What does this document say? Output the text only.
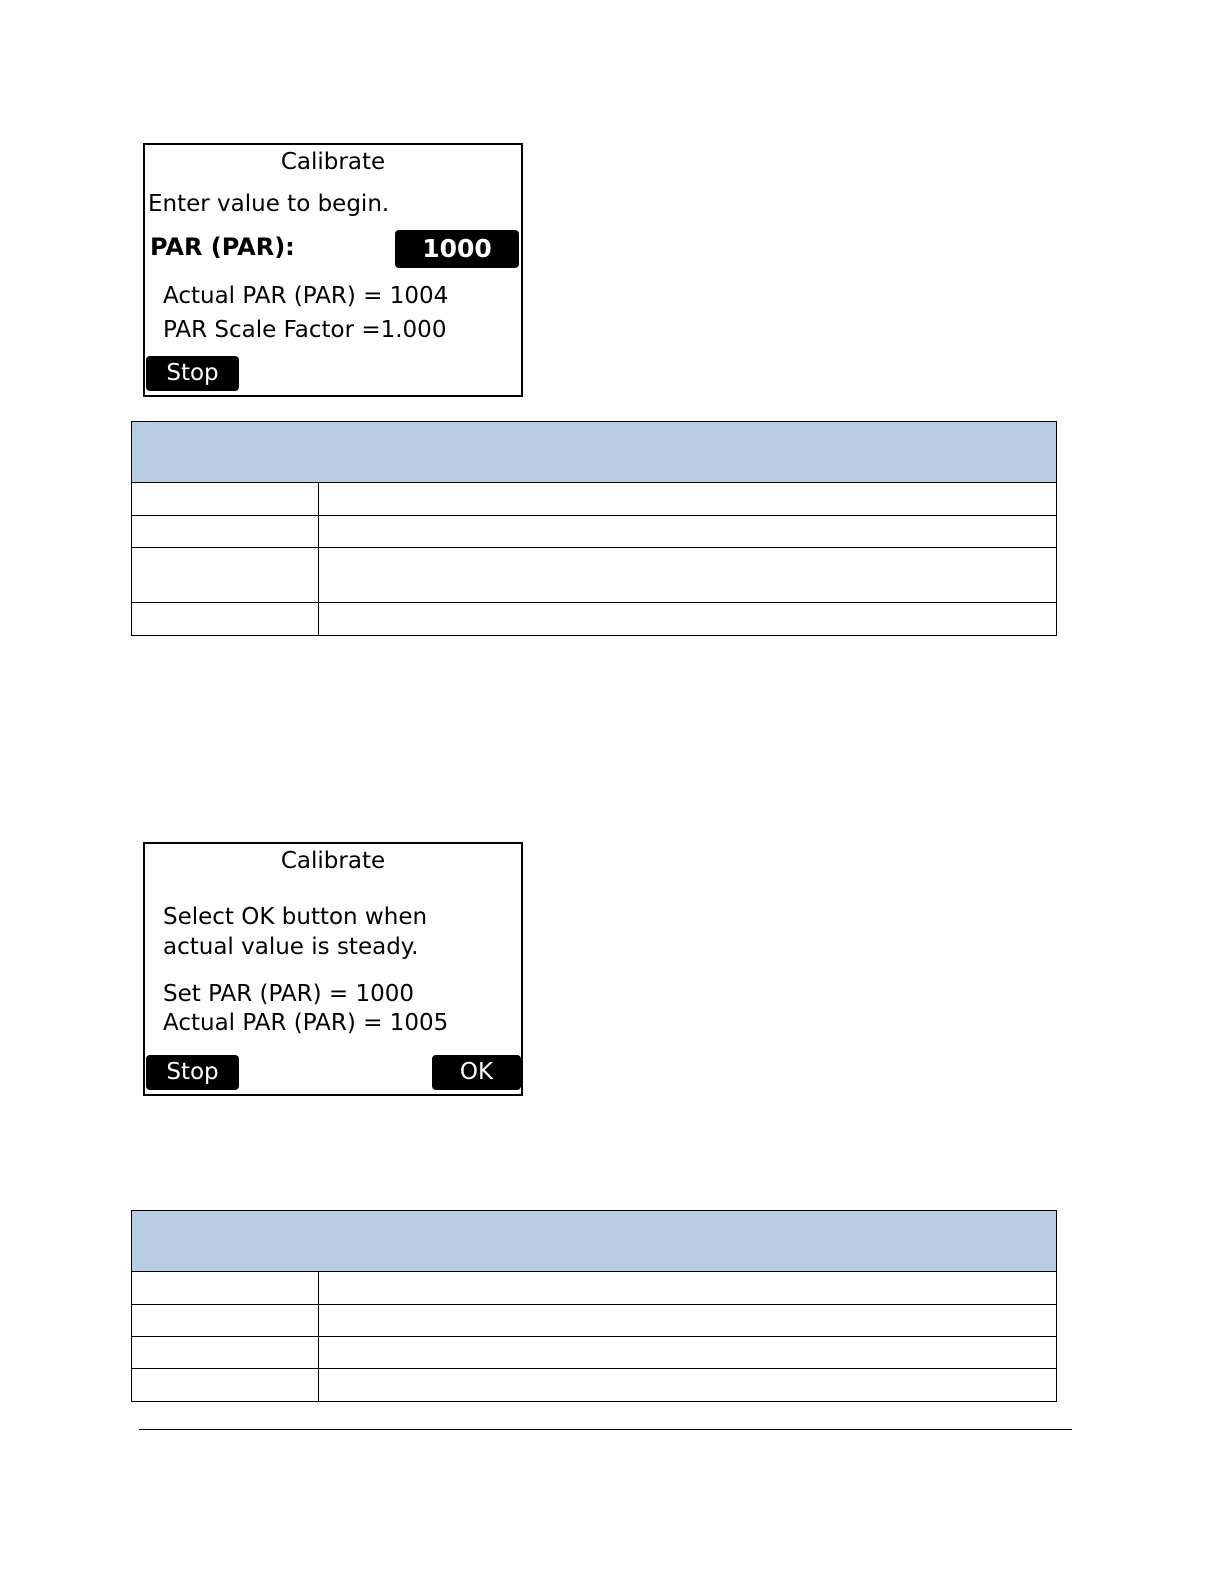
Calibrate
Enter value to begin.
PAR (PAR):	1000
Actual PAR (PAR) = 1004
PAR Scale Factor =1.000
Stop

Calibrate
Select OK button when
actual value is steady.
Set PAR (PAR) = 1000
Actual PAR (PAR) = 1005
Stop	OK
